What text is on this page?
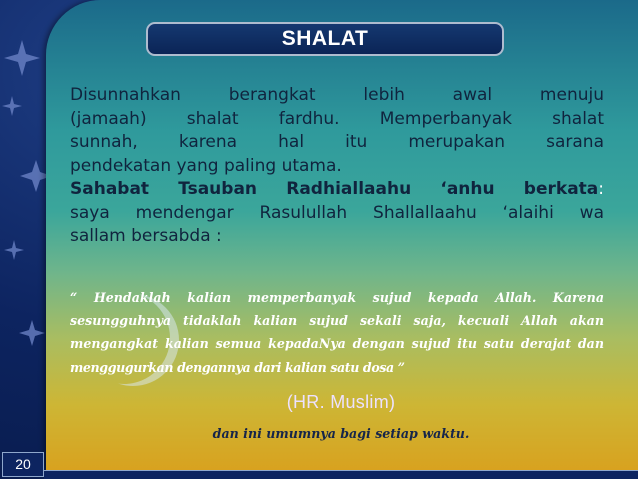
SHALAT
Disunnahkan berangkat lebih awal menuju
(jamaah) shalat fardhu. Memperbanyak shalat
sunnah, karena hal itu merupakan sarana
pendekatan yang paling utama.
Sahabat Tsauban Radhiallaahu ‘anhu berkata:
saya mendengar Rasulullah Shallallaahu ‘alaihi wa
sallam bersabda :
“ Hendaklah kalian memperbanyak sujud kepada Allah. Karena
sesungguhnya tidaklah kalian sujud sekali saja, kecuali Allah akan
mengangkat kalian semua kepadaNya dengan sujud itu satu derajat dan
menggugurkan dengannya dari kalian satu dosa ”
(HR. Muslim)
dan ini umumnya bagi setiap waktu.
20
